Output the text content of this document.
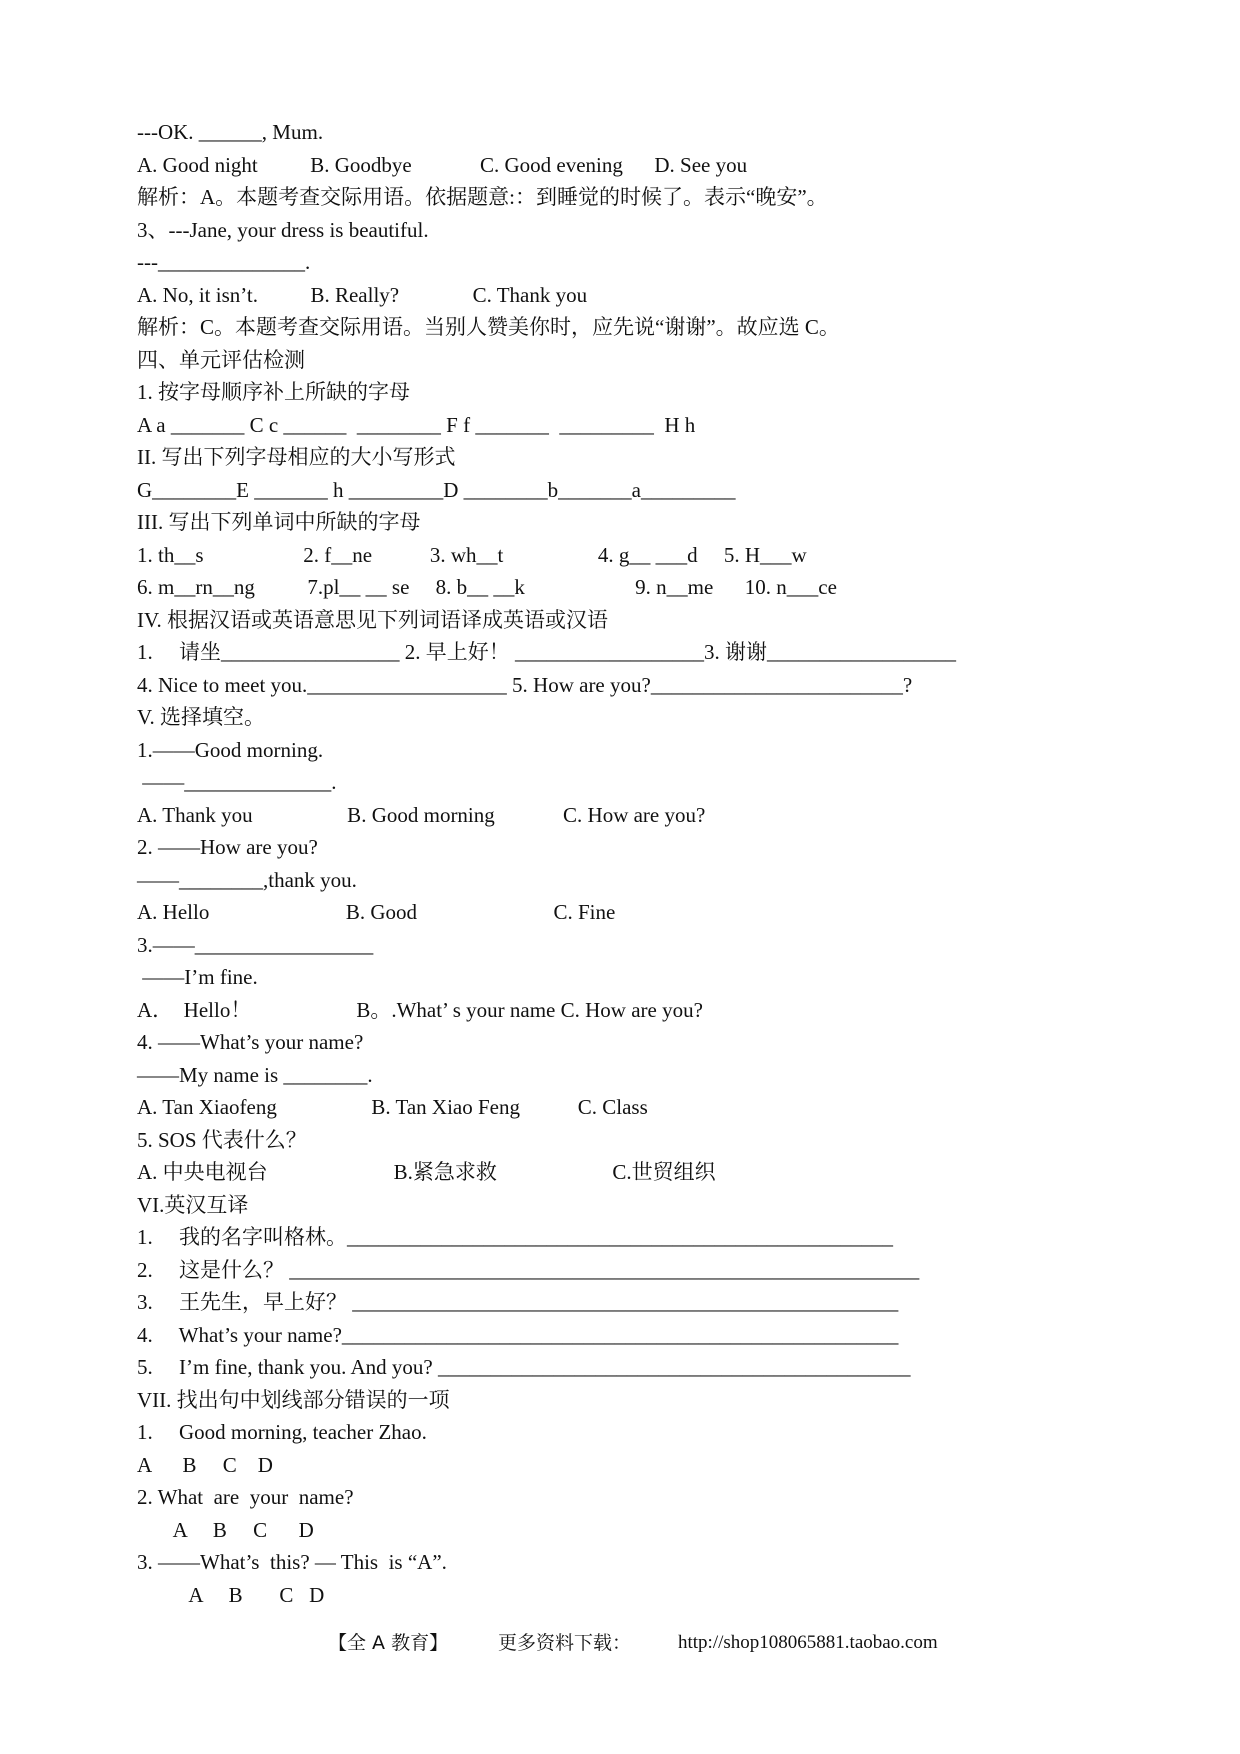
---OK. ______, Mum.
A. Good night          B. Goodbye             C. Good evening      D. See you
解析：A。本题考查交际用语。依据题意:：到睡觉的时候了。表示“晚安”。
3、---Jane, your dress is beautiful.
---______________.
A. No, it isn’t.          B. Really?              C. Thank you
解析：C。本题考查交际用语。当别人赞美你时，应先说“谢谢”。故应选 C。
四、单元评估检测
1. 按字母顺序补上所缺的字母
A a _______ C c ______  ________ F f _______  _________  H h
II. 写出下列字母相应的大小写形式
G________E _______ h _________D ________b_______a_________
III. 写出下列单词中所缺的字母
1. th__s                   2. f__ne           3. wh__t                  4. g__ ___d     5. H___w
6. m__rn__ng          7.pl__ __ se     8. b__ __k                     9. n__me      10. n___ce
IV. 根据汉语或英语意思见下列词语译成英语或汉语
1.     请坐_________________ 2. 早上好！ __________________3. 谢谢__________________
4. Nice to meet you.___________________ 5. How are you?________________________?
V. 选择填空。
1.——Good morning.
——______________.
A. Thank you                  B. Good morning             C. How are you?
2. ——How are you?
——________,thank you.
A. Hello                          B. Good                          C. Fine
3.——_________________
——I’m fine.
A．  Hello！                    B。.What’ s your name C. How are you?
4. ——What’s your name?
——My name is ________.
A. Tan Xiaofeng                  B. Tan Xiao Feng           C. Class
5. SOS 代表什么？
A. 中央电视台                        B.紧急求救                      C.世贸组织
VI.英汉互译
1.     我的名字叫格林。____________________________________________________
2.     这是什么？ ____________________________________________________________
3.     王先生，早上好？ ____________________________________________________
4.     What’s your name?_____________________________________________________
5.     I’m fine, thank you. And you? _____________________________________________
VII. 找出句中划线部分错误的一项
1.     Good morning, teacher Zhao.
A      B     C    D
2. What  are  your  name?
A     B     C      D
3. ——What’s  this? — This  is “A”.
A     B       C   D
【全 A 教育】	更多资料下载： http://shop108065881.taobao.com
